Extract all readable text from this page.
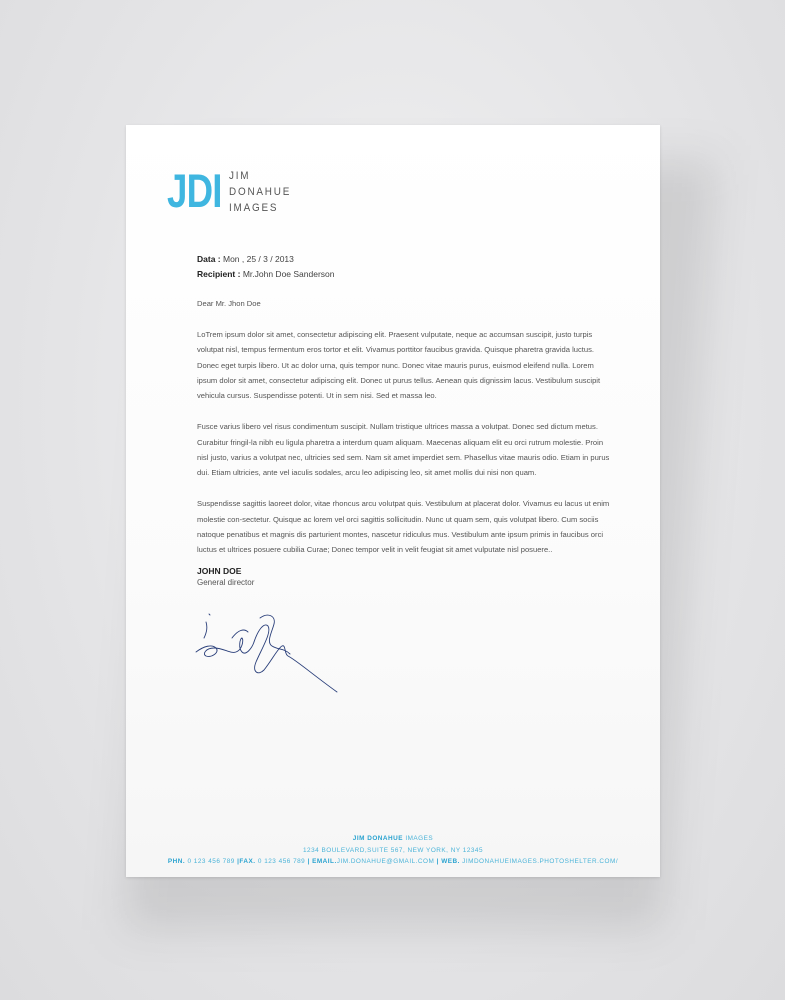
JDI JIM
DONAHUE
IMAGES
Data : Mon , 25 / 3 / 2013
Recipient : Mr.John Doe Sanderson

Dear Mr. Jhon Doe

LoTrem ipsum dolor sit amet, consectetur adipiscing elit. Praesent vulputate, neque ac accumsan suscipit, justo turpis volutpat nisl, tempus fermentum eros tortor et elit. Vivamus porttitor faucibus gravida. Quisque pharetra gravida luctus. Donec eget turpis libero. Ut ac dolor urna, quis tempor nunc. Donec vitae mauris purus, euismod eleifend nulla. Lorem ipsum dolor sit amet, consectetur adipiscing elit. Donec ut purus tellus. Aenean quis dignissim lacus. Vestibulum suscipit vehicula cursus. Suspendisse potenti. Ut in sem nisi. Sed et massa leo.

Fusce varius libero vel risus condimentum suscipit. Nullam tristique ultrices massa a volutpat. Donec sed dictum metus. Curabitur fringil-la nibh eu ligula pharetra a interdum quam aliquam. Maecenas aliquam elit eu orci rutrum molestie. Proin nisl justo, varius a volutpat nec, ultricies sed sem. Nam sit amet imperdiet sem. Phasellus vitae mauris odio. Etiam in purus dui. Etiam ultricies, ante vel iaculis sodales, arcu leo adipiscing leo, sit amet mollis dui nisi non quam.

Suspendisse sagittis laoreet dolor, vitae rhoncus arcu volutpat quis. Vestibulum at placerat dolor. Vivamus eu lacus ut enim molestie con-sectetur. Quisque ac lorem vel orci sagittis sollicitudin. Nunc ut quam sem, quis volutpat libero. Cum sociis natoque penatibus et magnis dis parturient montes, nascetur ridiculus mus. Vestibulum ante ipsum primis in faucibus orci luctus et ultrices posuere cubilia Curae; Donec tempor velit in velit feugiat sit amet vulputate nisl posuere..

JOHN DOE
General director
JIM DONAHUE IMAGES
1234 BOULEVARD,SUITE 567, NEW YORK, NY 12345
PHN. 0 123 456 789 |FAX. 0 123 456 789 | EMAIL.JIM.DONAHUE@GMAIL.COM | WEB. JIMDONAHUEIMAGES.PHOTOSHELTER.COM/
